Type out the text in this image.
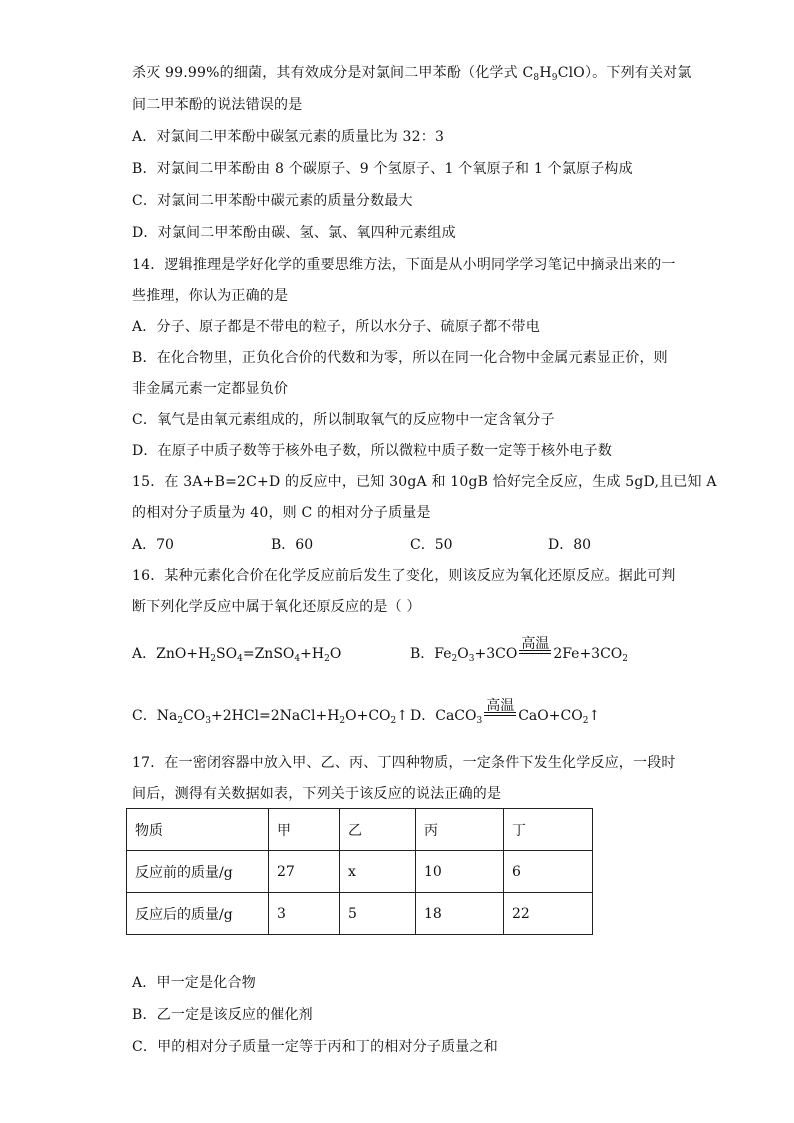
杀灭 99.99%的细菌，其有效成分是对氯间二甲苯酚（化学式 $C_8H_9ClO$）。下列有关对氯
间二甲苯酚的说法错误的是
A．对氯间二甲苯酚中碳氢元素的质量比为 32：3
B．对氯间二甲苯酚由 8 个碳原子、9 个氢原子、1 个氧原子和 1 个氯原子构成
C．对氯间二甲苯酚中碳元素的质量分数最大
D．对氯间二甲苯酚由碳、氢、氯、氧四种元素组成
14．逻辑推理是学好化学的重要思维方法，下面是从小明同学学习笔记中摘录出来的一
些推理，你认为正确的是
A．分子、原子都是不带电的粒子，所以水分子、硫原子都不带电
B．在化合物里，正负化合价的代数和为零，所以在同一化合物中金属元素显正价，则
非金属元素一定都显负价
C．氧气是由氧元素组成的，所以制取氧气的反应物中一定含氧分子
D．在原子中质子数等于核外电子数，所以微粒中质子数一定等于核外电子数
15．在 3A+B=2C+D 的反应中，已知 30gA 和 10gB 恰好完全反应，生成 5gD,且已知 A
的相对分子质量为 40，则 C 的相对分子质量是
A．70	B．60	C．50	D．80
16．某种元素化合价在化学反应前后发生了变化，则该反应为氧化还原反应。据此可判
断下列化学反应中属于氧化还原反应的是（ ）
A．$ZnO+H_2SO_4=ZnSO_4+H_2O$	B．$Fe_2O_3+3CO$
高温
$2Fe+3CO_2$
C．$Na_2CO_3+2HCl=2NaCl+H_2O+CO_2↑$ D．CaCO$_3$
高温
$CaO+CO_2↑$
17．在一密闭容器中放入甲、乙、丙、丁四种物质，一定条件下发生化学反应，一段时
间后，测得有关数据如表，下列关于该反应的说法正确的是
物质	甲	乙	丙	丁
反应前的质量/g	27	x	10	6
反应后的质量/g	3	5	18	22
A．甲一定是化合物
B．乙一定是该反应的催化剂
C．甲的相对分子质量一定等于丙和丁的相对分子质量之和
